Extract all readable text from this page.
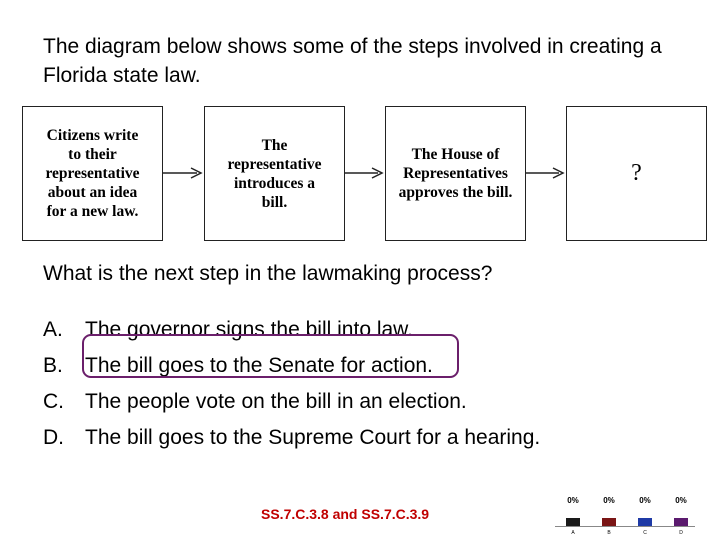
The diagram below shows some of the steps involved in creating a Florida state law.
Citizens write
to their
representative
about an idea
for a new law.
The
representative
introduces a
bill.
The House of
Representatives
approves the bill.
?
What is the next step in the lawmaking process?
A.	The governor signs the bill into law.
B.	The bill goes to the Senate for action.
C.	The people vote on the bill in an election.
D.	The bill goes to the Supreme Court for a hearing.
SS.7.C.3.8 and SS.7.C.3.9
0%	0%	0%	0%
A	B	C	D
